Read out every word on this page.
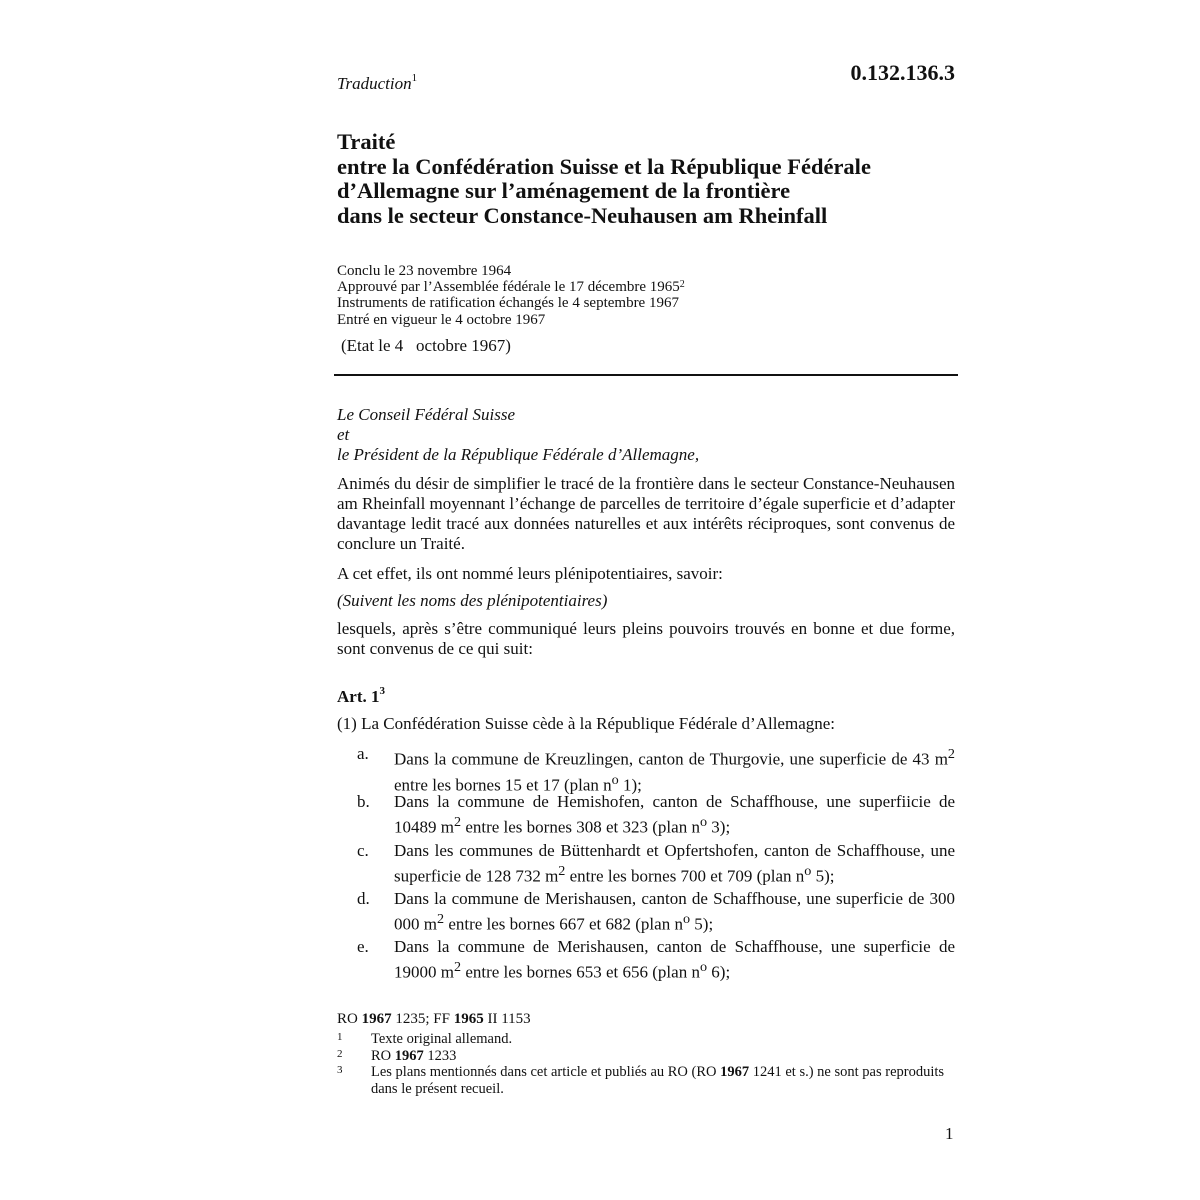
Traduction$^1$	0.132.136.3
Traité
entre la Confédération Suisse et la République Fédérale
d’Allemagne sur l’aménagement de la frontière
dans le secteur Constance-Neuhausen am Rheinfall
Conclu le 23 novembre 1964
Approuvé par l’Assemblée fédérale le 17 décembre 1965$^2$
Instruments de ratification échangés le 4 septembre 1967
Entré en vigueur le 4 octobre 1967
(Etat le 4   octobre 1967)
Le Conseil Fédéral Suisse
et
le Président de la République Fédérale d’Allemagne,
Animés du désir de simplifier le tracé de la frontière dans le secteur Constance-Neuhausen am Rheinfall moyennant l’échange de parcelles de territoire d’égale superficie et d’adapter davantage ledit tracé aux données naturelles et aux intérêts réciproques, sont convenus de conclure un Traité.
A cet effet, ils ont nommé leurs plénipotentiaires, savoir:
(Suivent les noms des plénipotentiaires)
lesquels, après s’être communiqué leurs pleins pouvoirs trouvés en bonne et due forme, sont convenus de ce qui suit:
Art. $1^3$
(1) La Confédération Suisse cède à la République Fédérale d’Allemagne:
a.	Dans la commune de Kreuzlingen, canton de Thurgovie, une superficie de 43 $m^2$ entre les bornes 15 et 17 (plan $n^o$ 1);
b.	Dans la commune de Hemishofen, canton de Schaffhouse, une superfiicie de 10489 $m^2$ entre les bornes 308 et 323 (plan $n^o$ 3);
c.	Dans les communes de Büttenhardt et Opfertshofen, canton de Schaffhouse, une superficie de 128 732 $m^2$ entre les bornes 700 et 709 (plan $n^o$ 5);
d.	Dans la commune de Merishausen, canton de Schaffhouse, une superficie de 300 000 $m^2$ entre les bornes 667 et 682 (plan $n^o$ 5);
e.	Dans la commune de Merishausen, canton de Schaffhouse, une superficie de 19000 $m^2$ entre les bornes 653 et 656 (plan $n^o$ 6);
RO 1967 1235; FF 1965 II 1153
1 Texte original allemand.
2 RO 1967 1233
3 Les plans mentionnés dans cet article et publiés au RO (RO 1967 1241 et s.) ne sont pas reproduits dans le présent recueil.
1
